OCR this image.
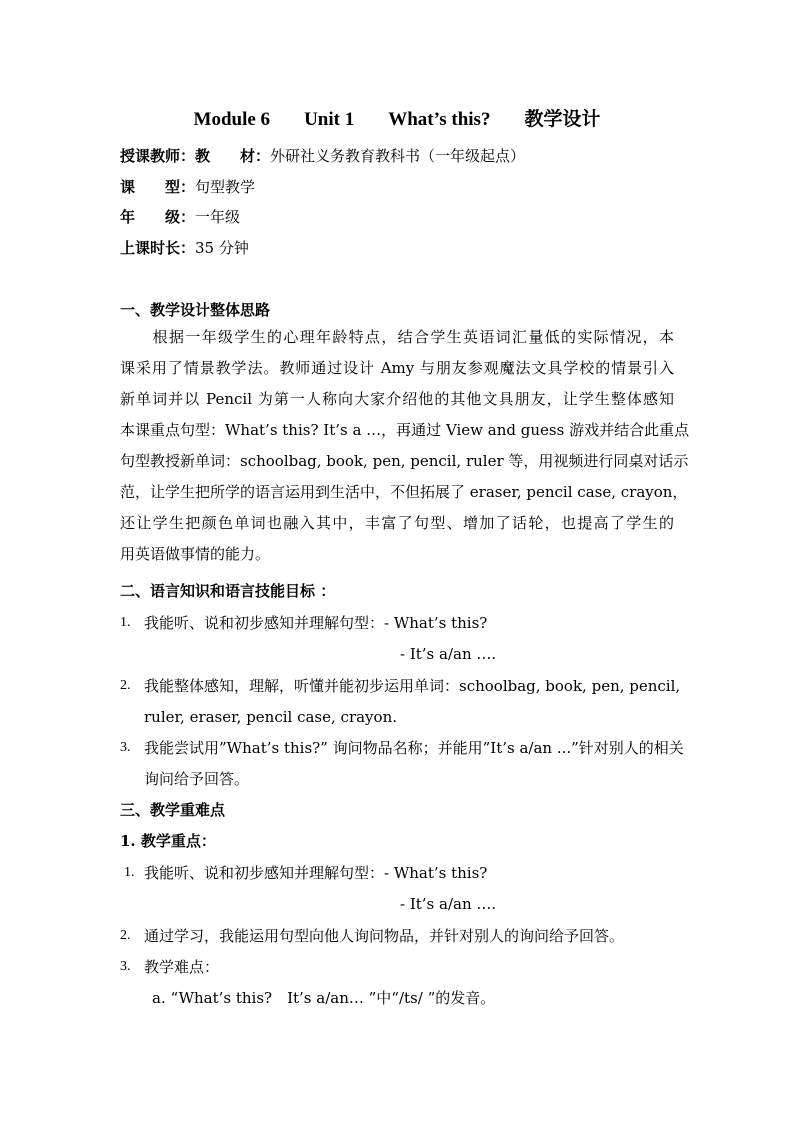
Module 6 Unit 1 What’s this? 教学设计
授课教师：教　　材：外研社义务教育教科书（一年级起点）
课　　型：句型教学
年　　级：一年级
上课时长：35 分钟
一、教学设计整体思路
　　根据一年级学生的心理年龄特点，结合学生英语词汇量低的实际情况，本
课采用了情景教学法。教师通过设计 Amy 与朋友参观魔法文具学校的情景引入
新单词并以 Pencil 为第一人称向大家介绍他的其他文具朋友，让学生整体感知
本课重点句型：What’s this? It’s a …，再通过 View and guess 游戏并结合此重点
句型教授新单词：schoolbag, book, pen, pencil, ruler 等，用视频进行同桌对话示
范，让学生把所学的语言运用到生活中，不但拓展了 eraser, pencil case, crayon，
还让学生把颜色单词也融入其中，丰富了句型、增加了话轮，也提高了学生的
用英语做事情的能力。
二、语言知识和语言技能目标 ：
1. 我能听、说和初步感知并理解句型：- What’s this?
- It’s a/an ….
2. 我能整体感知，理解，听懂并能初步运用单词：schoolbag, book, pen, pencil,
ruler, eraser, pencil case, crayon.
3. 我能尝试用”What’s this?” 询问物品名称；并能用”It’s a/an ...”针对别人的相关
询问给予回答。
三、教学重难点
1. 教学重点：
1. 我能听、说和初步感知并理解句型：- What’s this?
- It’s a/an ….
2. 通过学习，我能运用句型向他人询问物品，并针对别人的询问给予回答。
3. 教学难点：
a. “What’s this?　It’s a/an… ”中“/ts/ ”的发音。
